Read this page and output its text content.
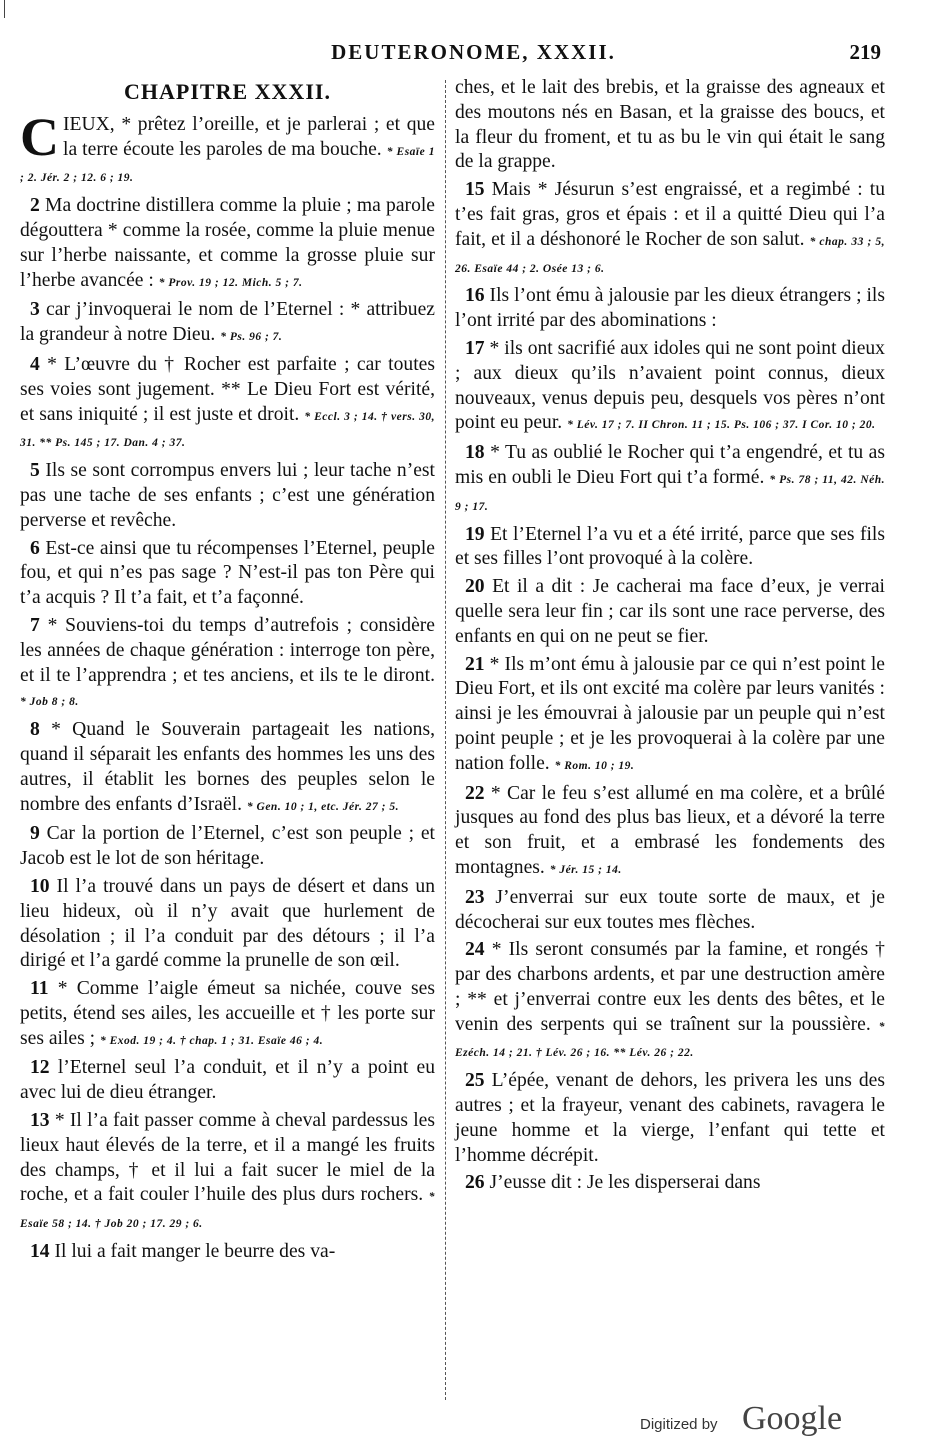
DEUTERONOME, XXXII.	219
CHAPITRE XXXII.

CIEUX, * prêtez l’oreille, et je parlerai ; et que la terre écoute les paroles de ma bouche. * Esaïe 1 ; 2. Jér. 2 ; 12. 6 ; 19.

2 Ma doctrine distillera comme la pluie ; ma parole dégouttera * comme la rosée, comme la pluie menue sur l’herbe naissante, et comme la grosse pluie sur l’herbe avancée : * Prov. 19 ; 12. Mich. 5 ; 7.

3 car j’invoquerai le nom de l’Eternel : * attribuez la grandeur à notre Dieu. * Ps. 96 ; 7.

4 * L’œuvre du † Rocher est parfaite ; car toutes ses voies sont jugement. ** Le Dieu Fort est vérité, et sans iniquité ; il est juste et droit. * Eccl. 3 ; 14. † vers. 30, 31. ** Ps. 145 ; 17. Dan. 4 ; 37.

5 Ils se sont corrompus envers lui ; leur tache n’est pas une tache de ses enfants ; c’est une génération perverse et revêche.

6 Est-ce ainsi que tu récompenses l’Eternel, peuple fou, et qui n’es pas sage ? N’est-il pas ton Père qui t’a acquis ? Il t’a fait, et t’a façonné.

7 * Souviens-toi du temps d’autrefois ; considère les années de chaque génération : interroge ton père, et il te l’apprendra ; et tes anciens, et ils te le diront. * Job 8 ; 8.

8 * Quand le Souverain partageait les nations, quand il séparait les enfants des hommes les uns des autres, il établit les bornes des peuples selon le nombre des enfants d’Israël. * Gen. 10 ; 1, etc. Jér. 27 ; 5.

9 Car la portion de l’Eternel, c’est son peuple ; et Jacob est le lot de son héritage.

10 Il l’a trouvé dans un pays de désert et dans un lieu hideux, où il n’y avait que hurlement de désolation ; il l’a conduit par des détours ; il l’a dirigé et l’a gardé comme la prunelle de son œil.

11 * Comme l’aigle émeut sa nichée, couve ses petits, étend ses ailes, les accueille et † les porte sur ses ailes ; * Exod. 19 ; 4. † chap. 1 ; 31. Esaïe 46 ; 4.

12 l’Eternel seul l’a conduit, et il n’y a point eu avec lui de dieu étranger.

13 * Il l’a fait passer comme à cheval pardessus les lieux haut élevés de la terre, et il a mangé les fruits des champs, † et il lui a fait sucer le miel de la roche, et a fait couler l’huile des plus durs rochers. * Esaïe 58 ; 14. † Job 20 ; 17. 29 ; 6.

14 Il lui a fait manger le beurre des va-

ches, et le lait des brebis, et la graisse des agneaux et des moutons nés en Basan, et la graisse des boucs, et la fleur du froment, et tu as bu le vin qui était le sang de la grappe.

15 Mais * Jésurun s’est engraissé, et a regimbé : tu t’es fait gras, gros et épais : et il a quitté Dieu qui l’a fait, et il a déshonoré le Rocher de son salut. * chap. 33 ; 5, 26. Esaïe 44 ; 2. Osée 13 ; 6.

16 Ils l’ont ému à jalousie par les dieux étrangers ; ils l’ont irrité par des abominations :

17 * ils ont sacrifié aux idoles qui ne sont point dieux ; aux dieux qu’ils n’avaient point connus, dieux nouveaux, venus depuis peu, desquels vos pères n’ont point eu peur. * Lév. 17 ; 7. II Chron. 11 ; 15. Ps. 106 ; 37. I Cor. 10 ; 20.

18 * Tu as oublié le Rocher qui t’a engendré, et tu as mis en oubli le Dieu Fort qui t’a formé. * Ps. 78 ; 11, 42. Néh. 9 ; 17.

19 Et l’Eternel l’a vu et a été irrité, parce que ses fils et ses filles l’ont provoqué à la colère.

20 Et il a dit : Je cacherai ma face d’eux, je verrai quelle sera leur fin ; car ils sont une race perverse, des enfants en qui on ne peut se fier.

21 * Ils m’ont ému à jalousie par ce qui n’est point le Dieu Fort, et ils ont excité ma colère par leurs vanités : ainsi je les émouvrai à jalousie par un peuple qui n’est point peuple ; et je les provoquerai à la colère par une nation folle. * Rom. 10 ; 19.

22 * Car le feu s’est allumé en ma colère, et a brûlé jusques au fond des plus bas lieux, et a dévoré la terre et son fruit, et a embrasé les fondements des montagnes. * Jér. 15 ; 14.

23 J’enverrai sur eux toute sorte de maux, et je décocherai sur eux toutes mes flèches.

24 * Ils seront consumés par la famine, et rongés † par des charbons ardents, et par une destruction amère ; ** et j’enverrai contre eux les dents des bêtes, et le venin des serpents qui se traînent sur la poussière. * Ezéch. 14 ; 21. † Lév. 26 ; 16. ** Lév. 26 ; 22.

25 L’épée, venant de dehors, les privera les uns des autres ; et la frayeur, venant des cabinets, ravagera le jeune homme et la vierge, l’enfant qui tette et l’homme décrépit.

26 J’eusse dit : Je les disperserai dans

Digitized by Google
